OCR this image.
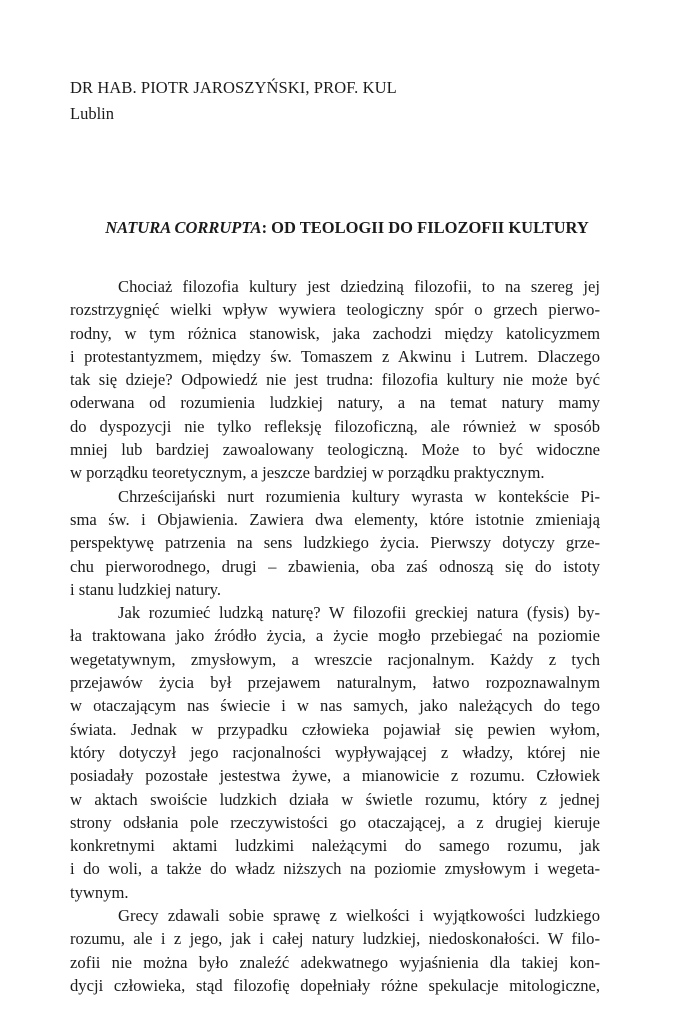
DR HAB. PIOTR JAROSZYŃSKI, PROF. KUL
Lublin
NATURA CORRUPTA: OD TEOLOGII DO FILOZOFII KULTURY
Chociaż filozofia kultury jest dziedziną filozofii, to na szereg jej
rozstrzygnięć wielki wpływ wywiera teologiczny spór o grzech pierwo-
rodny, w tym różnica stanowisk, jaka zachodzi między katolicyzmem
i protestantyzmem, między św. Tomaszem z Akwinu i Lutrem. Dlaczego
tak się dzieje? Odpowiedź nie jest trudna: filozofia kultury nie może być
oderwana od rozumienia ludzkiej natury, a na temat natury mamy
do dyspozycji nie tylko refleksję filozoficzną, ale również w sposób
mniej lub bardziej zawoalowany teologiczną. Może to być widoczne
w porządku teoretycznym, a jeszcze bardziej w porządku praktycznym.
Chrześcijański nurt rozumienia kultury wyrasta w kontekście Pi-
sma św. i Objawienia. Zawiera dwa elementy, które istotnie zmieniają
perspektywę patrzenia na sens ludzkiego życia. Pierwszy dotyczy grze-
chu pierworodnego, drugi – zbawienia, oba zaś odnoszą się do istoty
i stanu ludzkiej natury.
Jak rozumieć ludzką naturę? W filozofii greckiej natura (fysis) by-
ła traktowana jako źródło życia, a życie mogło przebiegać na poziomie
wegetatywnym, zmysłowym, a wreszcie racjonalnym. Każdy z tych
przejawów życia był przejawem naturalnym, łatwo rozpoznawalnym
w otaczającym nas świecie i w nas samych, jako należących do tego
świata. Jednak w przypadku człowieka pojawiał się pewien wyłom,
który dotyczył jego racjonalności wypływającej z władzy, której nie
posiadały pozostałe jestestwa żywe, a mianowicie z rozumu. Człowiek
w aktach swoiście ludzkich działa w świetle rozumu, który z jednej
strony odsłania pole rzeczywistości go otaczającej, a z drugiej kieruje
konkretnymi aktami ludzkimi należącymi do samego rozumu, jak
i do woli, a także do władz niższych na poziomie zmysłowym i wegeta-
tywnym.
Grecy zdawali sobie sprawę z wielkości i wyjątkowości ludzkiego
rozumu, ale i z jego, jak i całej natury ludzkiej, niedoskonałości. W filo-
zofii nie można było znaleźć adekwatnego wyjaśnienia dla takiej kon-
dycji człowieka, stąd filozofię dopełniały różne spekulacje mitologiczne,
